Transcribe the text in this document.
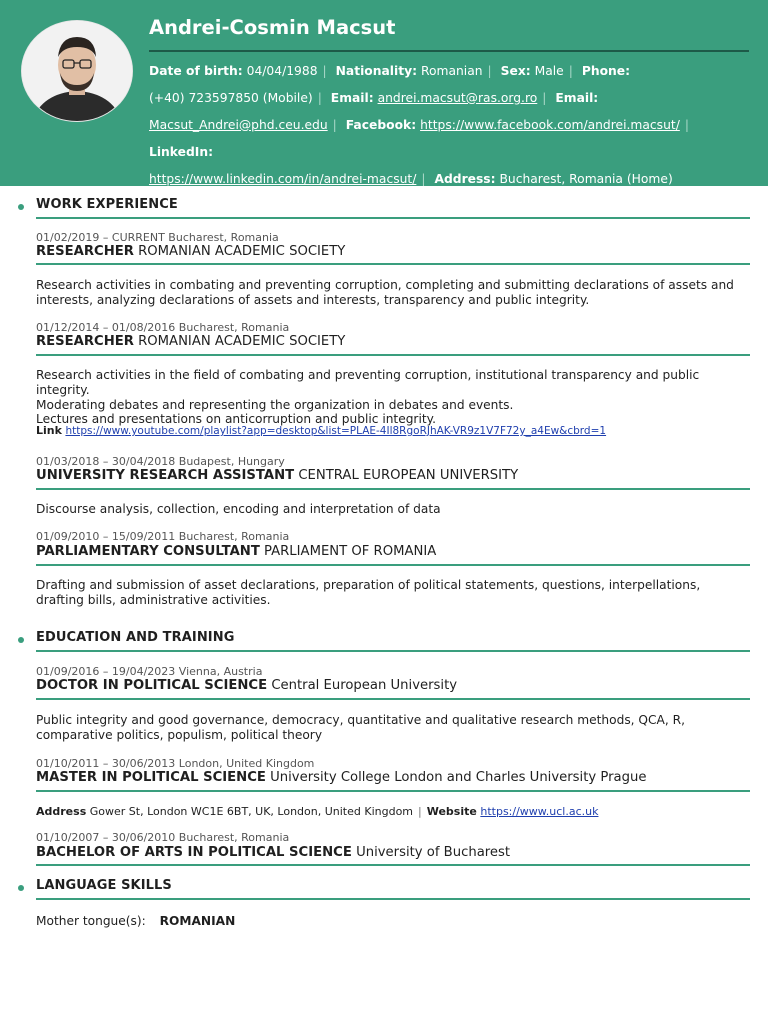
Andrei-Cosmin Macsut
Date of birth: 04/04/1988 | Nationality: Romanian | Sex: Male | Phone:
(+40) 723597850 (Mobile) | Email: andrei.macsut@ras.org.ro | Email:
Macsut_Andrei@phd.ceu.edu | Facebook: https://www.facebook.com/andrei.macsut/ | LinkedIn:
https://www.linkedin.com/in/andrei-macsut/ | Address: Bucharest, Romania (Home)
WORK EXPERIENCE
01/02/2019 – CURRENT Bucharest, Romania
RESEARCHER ROMANIAN ACADEMIC SOCIETY
Research activities in combating and preventing corruption, completing and submitting declarations of assets and interests, analyzing declarations of assets and interests, transparency and public integrity.
01/12/2014 – 01/08/2016 Bucharest, Romania
RESEARCHER ROMANIAN ACADEMIC SOCIETY
Research activities in the field of combating and preventing corruption, institutional transparency and public integrity.
Moderating debates and representing the organization in debates and events.
Lectures and presentations on anticorruption and public integrity.
Link https://www.youtube.com/playlist?app=desktop&list=PLAE-4Il8RgoRJhAK-VR9z1V7F72y_a4Ew&cbrd=1
01/03/2018 – 30/04/2018 Budapest, Hungary
UNIVERSITY RESEARCH ASSISTANT CENTRAL EUROPEAN UNIVERSITY
Discourse analysis, collection, encoding and interpretation of data
01/09/2010 – 15/09/2011 Bucharest, Romania
PARLIAMENTARY CONSULTANT PARLIAMENT OF ROMANIA
Drafting and submission of asset declarations, preparation of political statements, questions, interpellations, drafting bills, administrative activities.
EDUCATION AND TRAINING
01/09/2016 – 19/04/2023 Vienna, Austria
DOCTOR IN POLITICAL SCIENCE Central European University
Public integrity and good governance, democracy, quantitative and qualitative research methods, QCA, R, comparative politics, populism, political theory
01/10/2011 – 30/06/2013 London, United Kingdom
MASTER IN POLITICAL SCIENCE University College London and Charles University Prague
Address Gower St, London WC1E 6BT, UK, London, United Kingdom | Website https://www.ucl.ac.uk
01/10/2007 – 30/06/2010 Bucharest, Romania
BACHELOR OF ARTS IN POLITICAL SCIENCE University of Bucharest
LANGUAGE SKILLS
Mother tongue(s): ROMANIAN
